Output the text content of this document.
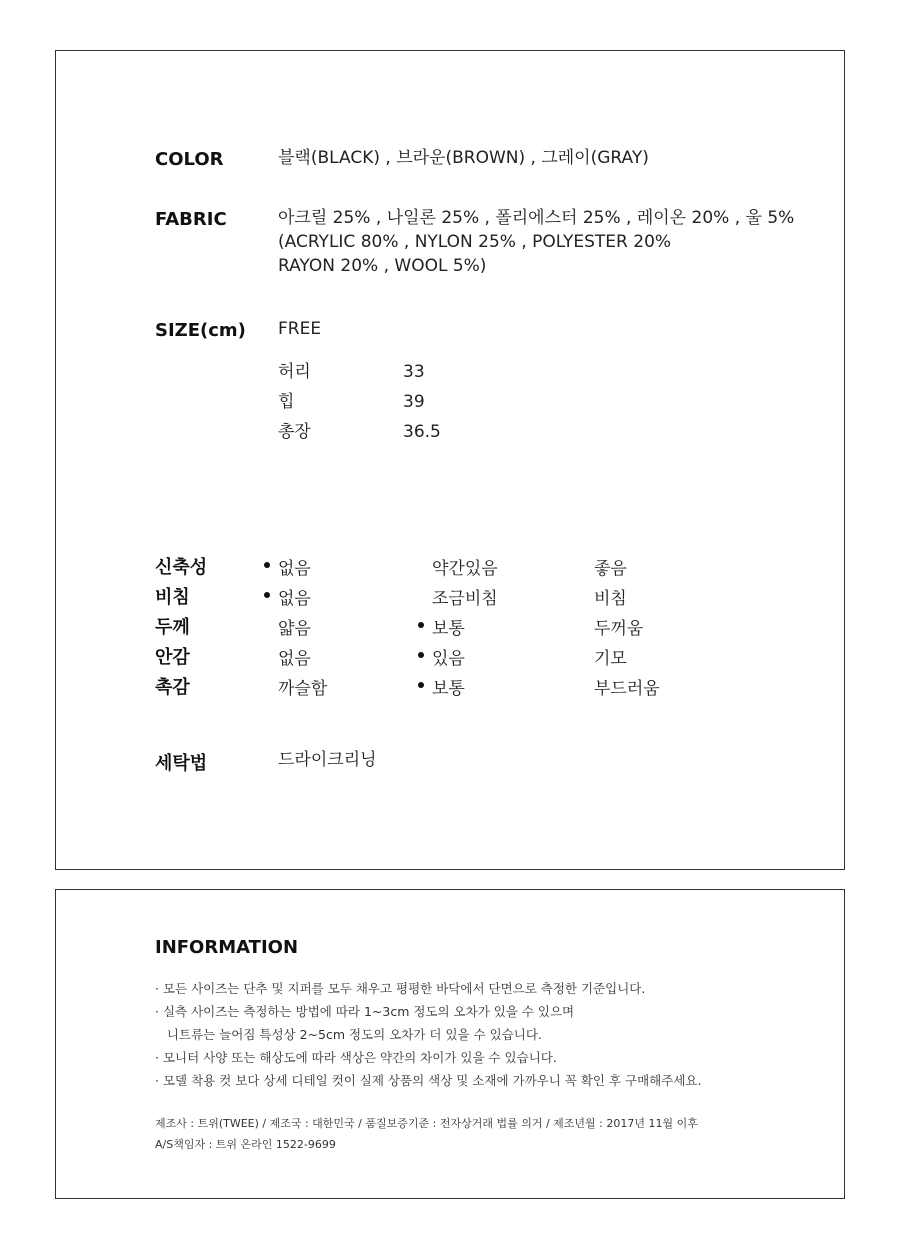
COLOR	블랙(BLACK) , 브라운(BROWN) , 그레이(GRAY)
FABRIC	아크릴 25% , 나일론 25% , 폴리에스터 25% , 레이온 20% , 울 5%
(ACRYLIC 80% , NYLON 25% , POLYESTER 20%
RAYON 20% , WOOL 5%)
SIZE(cm) FREE
허리	33
힙	39
총장	36.5
신축성	없음	약간있음	좋음
비침	없음	조금비침	비침
두께	얇음	보통	두꺼움
안감	없음	있음	기모
촉감	까슬함	보통	부드러움
세탁법	드라이크리닝
INFORMATION
· 모든 사이즈는 단추 및 지퍼를 모두 채우고 평평한 바닥에서 단면으로 측정한 기준입니다.
· 실측 사이즈는 측정하는 방법에 따라 1~3cm 정도의 오차가 있을 수 있으며
니트류는 늘어짐 특성상 2~5cm 정도의 오차가 더 있을 수 있습니다.
· 모니터 사양 또는 해상도에 따라 색상은 약간의 차이가 있을 수 있습니다.
· 모델 착용 컷 보다 상세 디테일 컷이 실제 상품의 색상 및 소재에 가까우니 꼭 확인 후 구매해주세요.
제조사 : 트위(TWEE) / 제조국 : 대한민국 / 품질보증기준 : 전자상거래 법률 의거 / 제조년월 : 2017년 11월 이후
A/S책임자 : 트위 온라인 1522-9699
